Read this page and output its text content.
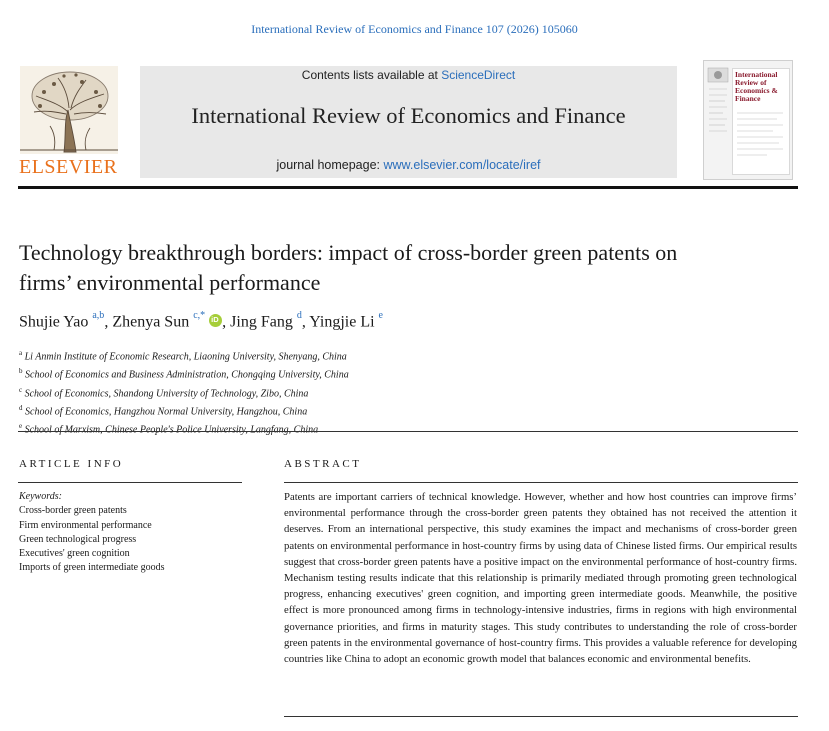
International Review of Economics and Finance 107 (2026) 105060
ELSEVIER
Contents lists available at ScienceDirect
International Review of Economics and Finance
journal homepage: www.elsevier.com/locate/iref
International Review of Economics & Finance
Technology breakthrough borders: impact of cross-border green patents on firms’ environmental performance
Shujie Yao $^{a,b}$, Zhenya Sun $^{c,*}$ iD , Jing Fang $^d$, Yingjie Li $^e$
$^a$ Li Anmin Institute of Economic Research, Liaoning University, Shenyang, China
$^b$ School of Economics and Business Administration, Chongqing University, China
$^c$ School of Economics, Shandong University of Technology, Zibo, China
$^d$ School of Economics, Hangzhou Normal University, Hangzhou, China
$^e$
ARTICLE INFO	ABSTRACT
Keywords:
Cross-border green patents
Firm environmental performance
Green technological progress
Executives' green cognition
Imports of green intermediate goods
Patents are important carriers of technical knowledge. However, whether and how host countries can improve firms’ environmental performance through the cross-border green patents they obtained has not received the attention it deserves. From an international perspective, this study examines the impact and mechanisms of cross-border green patents on environmental performance in host-country firms by using data of Chinese listed firms. Our empirical results suggest that cross-border green patents have a positive impact on the environmental performance of host-country firms. Mechanism testing results indicate that this relationship is primarily mediated through promoting green technological progress, enhancing executives' green cognition, and importing green intermediate goods. Meanwhile, the positive effect is more pronounced among firms in technology-intensive industries, firms in regions with high environmental governance priorities, and firms in maturity stages. This study contributes to understanding the role of cross-border green patents in the environmental governance of host-country firms. This provides a valuable reference for developing countries like China to adopt an economic growth model that balances economic and environmental benefits.
